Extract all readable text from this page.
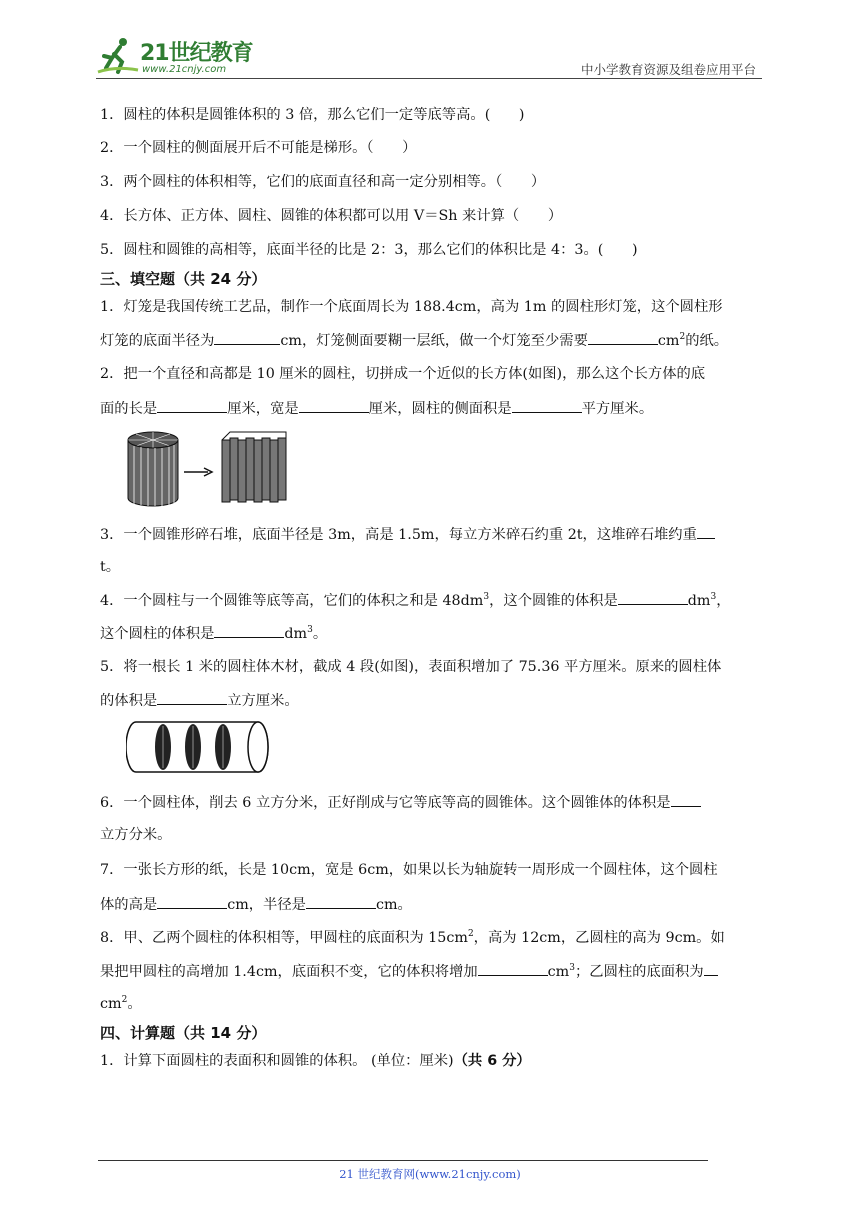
21世纪教育
www.21cnjy.com	中小学教育资源及组卷应用平台
1．圆柱的体积是圆锥体积的 3 倍，那么它们一定等底等高。(　　)
2．一个圆柱的侧面展开后不可能是梯形。（　　）
3．两个圆柱的体积相等，它们的底面直径和高一定分别相等。（　　）
4．长方体、正方体、圆柱、圆锥的体积都可以用 V＝Sh 来计算（　　）
5．圆柱和圆锥的高相等，底面半径的比是 2：3，那么它们的体积比是 4：3。(　　)
三、填空题（共 24 分）
1．灯笼是我国传统工艺品，制作一个底面周长为 188.4cm，高为 1m 的圆柱形灯笼，这个圆柱形
灯笼的底面半径为	cm，灯笼侧面要糊一层纸，做一个灯笼至少需要	$cm^2$的纸。
2．把一个直径和高都是 10 厘米的圆柱，切拼成一个近似的长方体(如图)，那么这个长方体的底
面的长是	厘米，宽是	厘米，圆柱的侧面积是	平方厘米。
3．一个圆锥形碎石堆，底面半径是 3m，高是 1.5m，每立方米碎石约重 2t，这堆碎石堆约重
t。
4．一个圆柱与一个圆锥等底等高，它们的体积之和是 $48dm^3$，这个圆锥的体积是	$dm^3$，
这个圆柱的体积是	$dm^3$。
5．将一根长 1 米的圆柱体木材，截成 4 段(如图)，表面积增加了 75.36 平方厘米。原来的圆柱体
的体积是	立方厘米。
6．一个圆柱体，削去 6 立方分米，正好削成与它等底等高的圆锥体。这个圆锥体的体积是
立方分米。
7．一张长方形的纸，长是 10cm，宽是 6cm，如果以长为轴旋转一周形成一个圆柱体，这个圆柱
体的高是	cm，半径是	cm。
8．甲、乙两个圆柱的体积相等，甲圆柱的底面积为 $15cm^2$，高为 12cm，乙圆柱的高为 9cm。如
果把甲圆柱的高增加 1.4cm，底面积不变，它的体积将增加	$cm^3$；乙圆柱的底面积为
$cm^2$。
四、计算题（共 14 分）
1．计算下面圆柱的表面积和圆锥的体积。 (单位：厘米)（共 6 分）
21 世纪教育网(www.21cnjy.com)
